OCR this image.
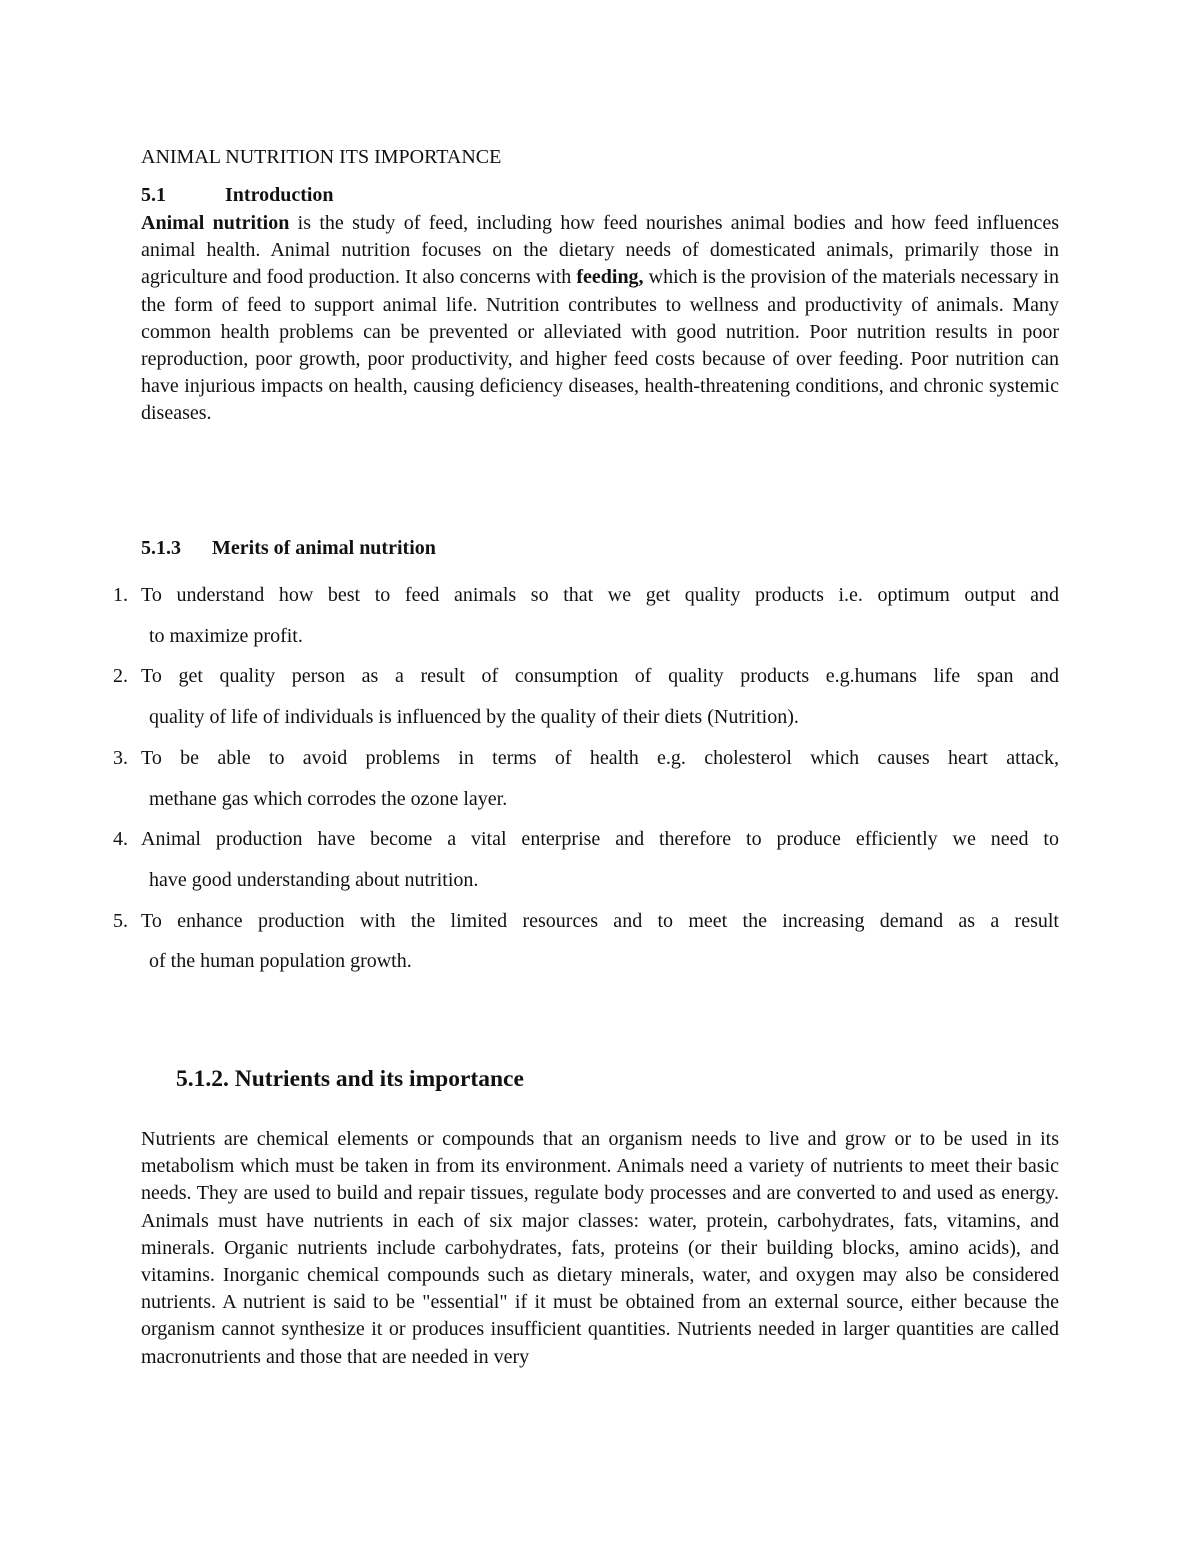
ANIMAL NUTRITION ITS IMPORTANCE
5.1	Introduction

Animal nutrition is the study of feed, including how feed nourishes animal bodies and how feed influences animal health. Animal nutrition focuses on the dietary needs of domesticated animals, primarily those in agriculture and food production. It also concerns with feeding, which is the provision of the materials necessary in the form of feed to support animal life. Nutrition contributes to wellness and productivity of animals. Many common health problems can be prevented or alleviated with good nutrition. Poor nutrition results in poor reproduction, poor growth, poor productivity, and higher feed costs because of over feeding. Poor nutrition can have injurious impacts on health, causing deficiency diseases, health-threatening conditions, and chronic systemic diseases.

5.1.3 Merits of animal nutrition
1. To understand how best to feed animals so that we get quality products i.e. optimum output and
to maximize profit.
2. To get quality person as a result of consumption of quality products e.g.humans life span and
quality of life of individuals is influenced by the quality of their diets (Nutrition).
3. To be able to avoid problems in terms of health e.g. cholesterol which causes heart attack,
methane gas which corrodes the ozone layer.
4. Animal production have become a vital enterprise and therefore to produce efficiently we need to
have good understanding about nutrition.
5. To enhance production with the limited resources and to meet the increasing demand as a result
of the human population growth.
5.1.2. Nutrients and its importance

Nutrients are chemical elements or compounds that an organism needs to live and grow or to be used in its metabolism which must be taken in from its environment. Animals need a variety of nutrients to meet their basic needs. They are used to build and repair tissues, regulate body processes and are converted to and used as energy. Animals must have nutrients in each of six major classes: water, protein, carbohydrates, fats, vitamins, and minerals. Organic nutrients include carbohydrates, fats, proteins (or their building blocks, amino acids), and vitamins. Inorganic chemical compounds such as dietary minerals, water, and oxygen may also be considered nutrients. A nutrient is said to be "essential" if it must be obtained from an external source, either because the organism cannot synthesize it or produces insufficient quantities. Nutrients needed in larger quantities are called macronutrients and those that are needed in very
